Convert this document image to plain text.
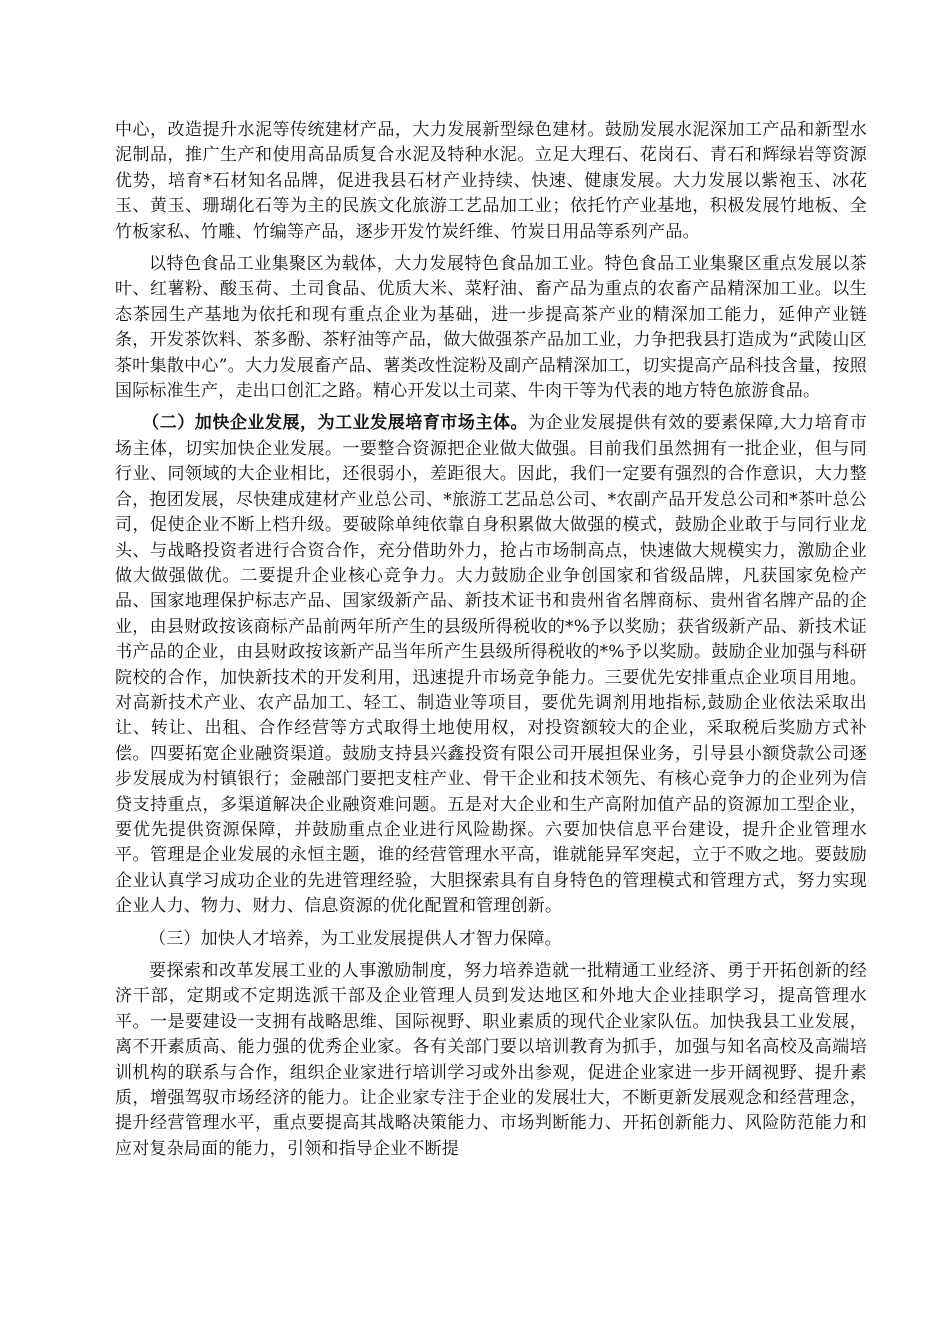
中心，改造提升水泥等传统建材产品，大力发展新型绿色建材。鼓励发展水泥深加工产品和新型水泥制品，推广生产和使用高品质复合水泥及特种水泥。立足大理石、花岗石、青石和辉绿岩等资源优势，培育*石材知名品牌，促进我县石材产业持续、快速、健康发展。大力发展以紫袍玉、冰花玉、黄玉、珊瑚化石等为主的民族文化旅游工艺品加工业；依托竹产业基地，积极发展竹地板、全竹板家私、竹雕、竹编等产品，逐步开发竹炭纤维、竹炭日用品等系列产品。

以特色食品工业集聚区为载体，大力发展特色食品加工业。特色食品工业集聚区重点发展以茶叶、红薯粉、酸玉荷、土司食品、优质大米、菜籽油、畜产品为重点的农畜产品精深加工业。以生态茶园生产基地为依托和现有重点企业为基础，进一步提高茶产业的精深加工能力，延伸产业链条，开发茶饮料、茶多酚、茶籽油等产品，做大做强茶产品加工业，力争把我县打造成为“武陵山区茶叶集散中心”。大力发展畜产品、薯类改性淀粉及副产品精深加工，切实提高产品科技含量，按照国际标准生产，走出口创汇之路。精心开发以土司菜、牛肉干等为代表的地方特色旅游食品。

（二）加快企业发展，为工业发展培育市场主体。为企业发展提供有效的要素保障,大力培育市场主体，切实加快企业发展。一要整合资源把企业做大做强。目前我们虽然拥有一批企业，但与同行业、同领域的大企业相比，还很弱小，差距很大。因此，我们一定要有强烈的合作意识，大力整合，抱团发展，尽快建成建材产业总公司、*旅游工艺品总公司、*农副产品开发总公司和*茶叶总公司，促使企业不断上档升级。要破除单纯依靠自身积累做大做强的模式，鼓励企业敢于与同行业龙头、与战略投资者进行合资合作，充分借助外力，抢占市场制高点，快速做大规模实力，激励企业做大做强做优。二要提升企业核心竞争力。大力鼓励企业争创国家和省级品牌，凡获国家免检产品、国家地理保护标志产品、国家级新产品、新技术证书和贵州省名牌商标、贵州省名牌产品的企业，由县财政按该商标产品前两年所产生的县级所得税收的*%予以奖励；获省级新产品、新技术证书产品的企业，由县财政按该新产品当年所产生县级所得税收的*%予以奖励。鼓励企业加强与科研院校的合作，加快新技术的开发利用，迅速提升市场竞争能力。三要优先安排重点企业项目用地。对高新技术产业、农产品加工、轻工、制造业等项目，要优先调剂用地指标,鼓励企业依法采取出让、转让、出租、合作经营等方式取得土地使用权，对投资额较大的企业，采取税后奖励方式补偿。四要拓宽企业融资渠道。鼓励支持县兴鑫投资有限公司开展担保业务，引导县小额贷款公司逐步发展成为村镇银行；金融部门要把支柱产业、骨干企业和技术领先、有核心竞争力的企业列为信贷支持重点，多渠道解决企业融资难问题。五是对大企业和生产高附加值产品的资源加工型企业，要优先提供资源保障，并鼓励重点企业进行风险勘探。六要加快信息平台建设，提升企业管理水平。管理是企业发展的永恒主题，谁的经营管理水平高，谁就能异军突起，立于不败之地。要鼓励企业认真学习成功企业的先进管理经验，大胆探索具有自身特色的管理模式和管理方式，努力实现企业人力、物力、财力、信息资源的优化配置和管理创新。

（三）加快人才培养，为工业发展提供人才智力保障。

要探索和改革发展工业的人事激励制度，努力培养造就一批精通工业经济、勇于开拓创新的经济干部，定期或不定期选派干部及企业管理人员到发达地区和外地大企业挂职学习，提高管理水平。一是要建设一支拥有战略思维、国际视野、职业素质的现代企业家队伍。加快我县工业发展，离不开素质高、能力强的优秀企业家。各有关部门要以培训教育为抓手，加强与知名高校及高端培训机构的联系与合作，组织企业家进行培训学习或外出参观，促进企业家进一步开阔视野、提升素质，增强驾驭市场经济的能力。让企业家专注于企业的发展壮大，不断更新发展观念和经营理念，提升经营管理水平，重点要提高其战略决策能力、市场判断能力、开拓创新能力、风险防范能力和应对复杂局面的能力，引领和指导企业不断提
